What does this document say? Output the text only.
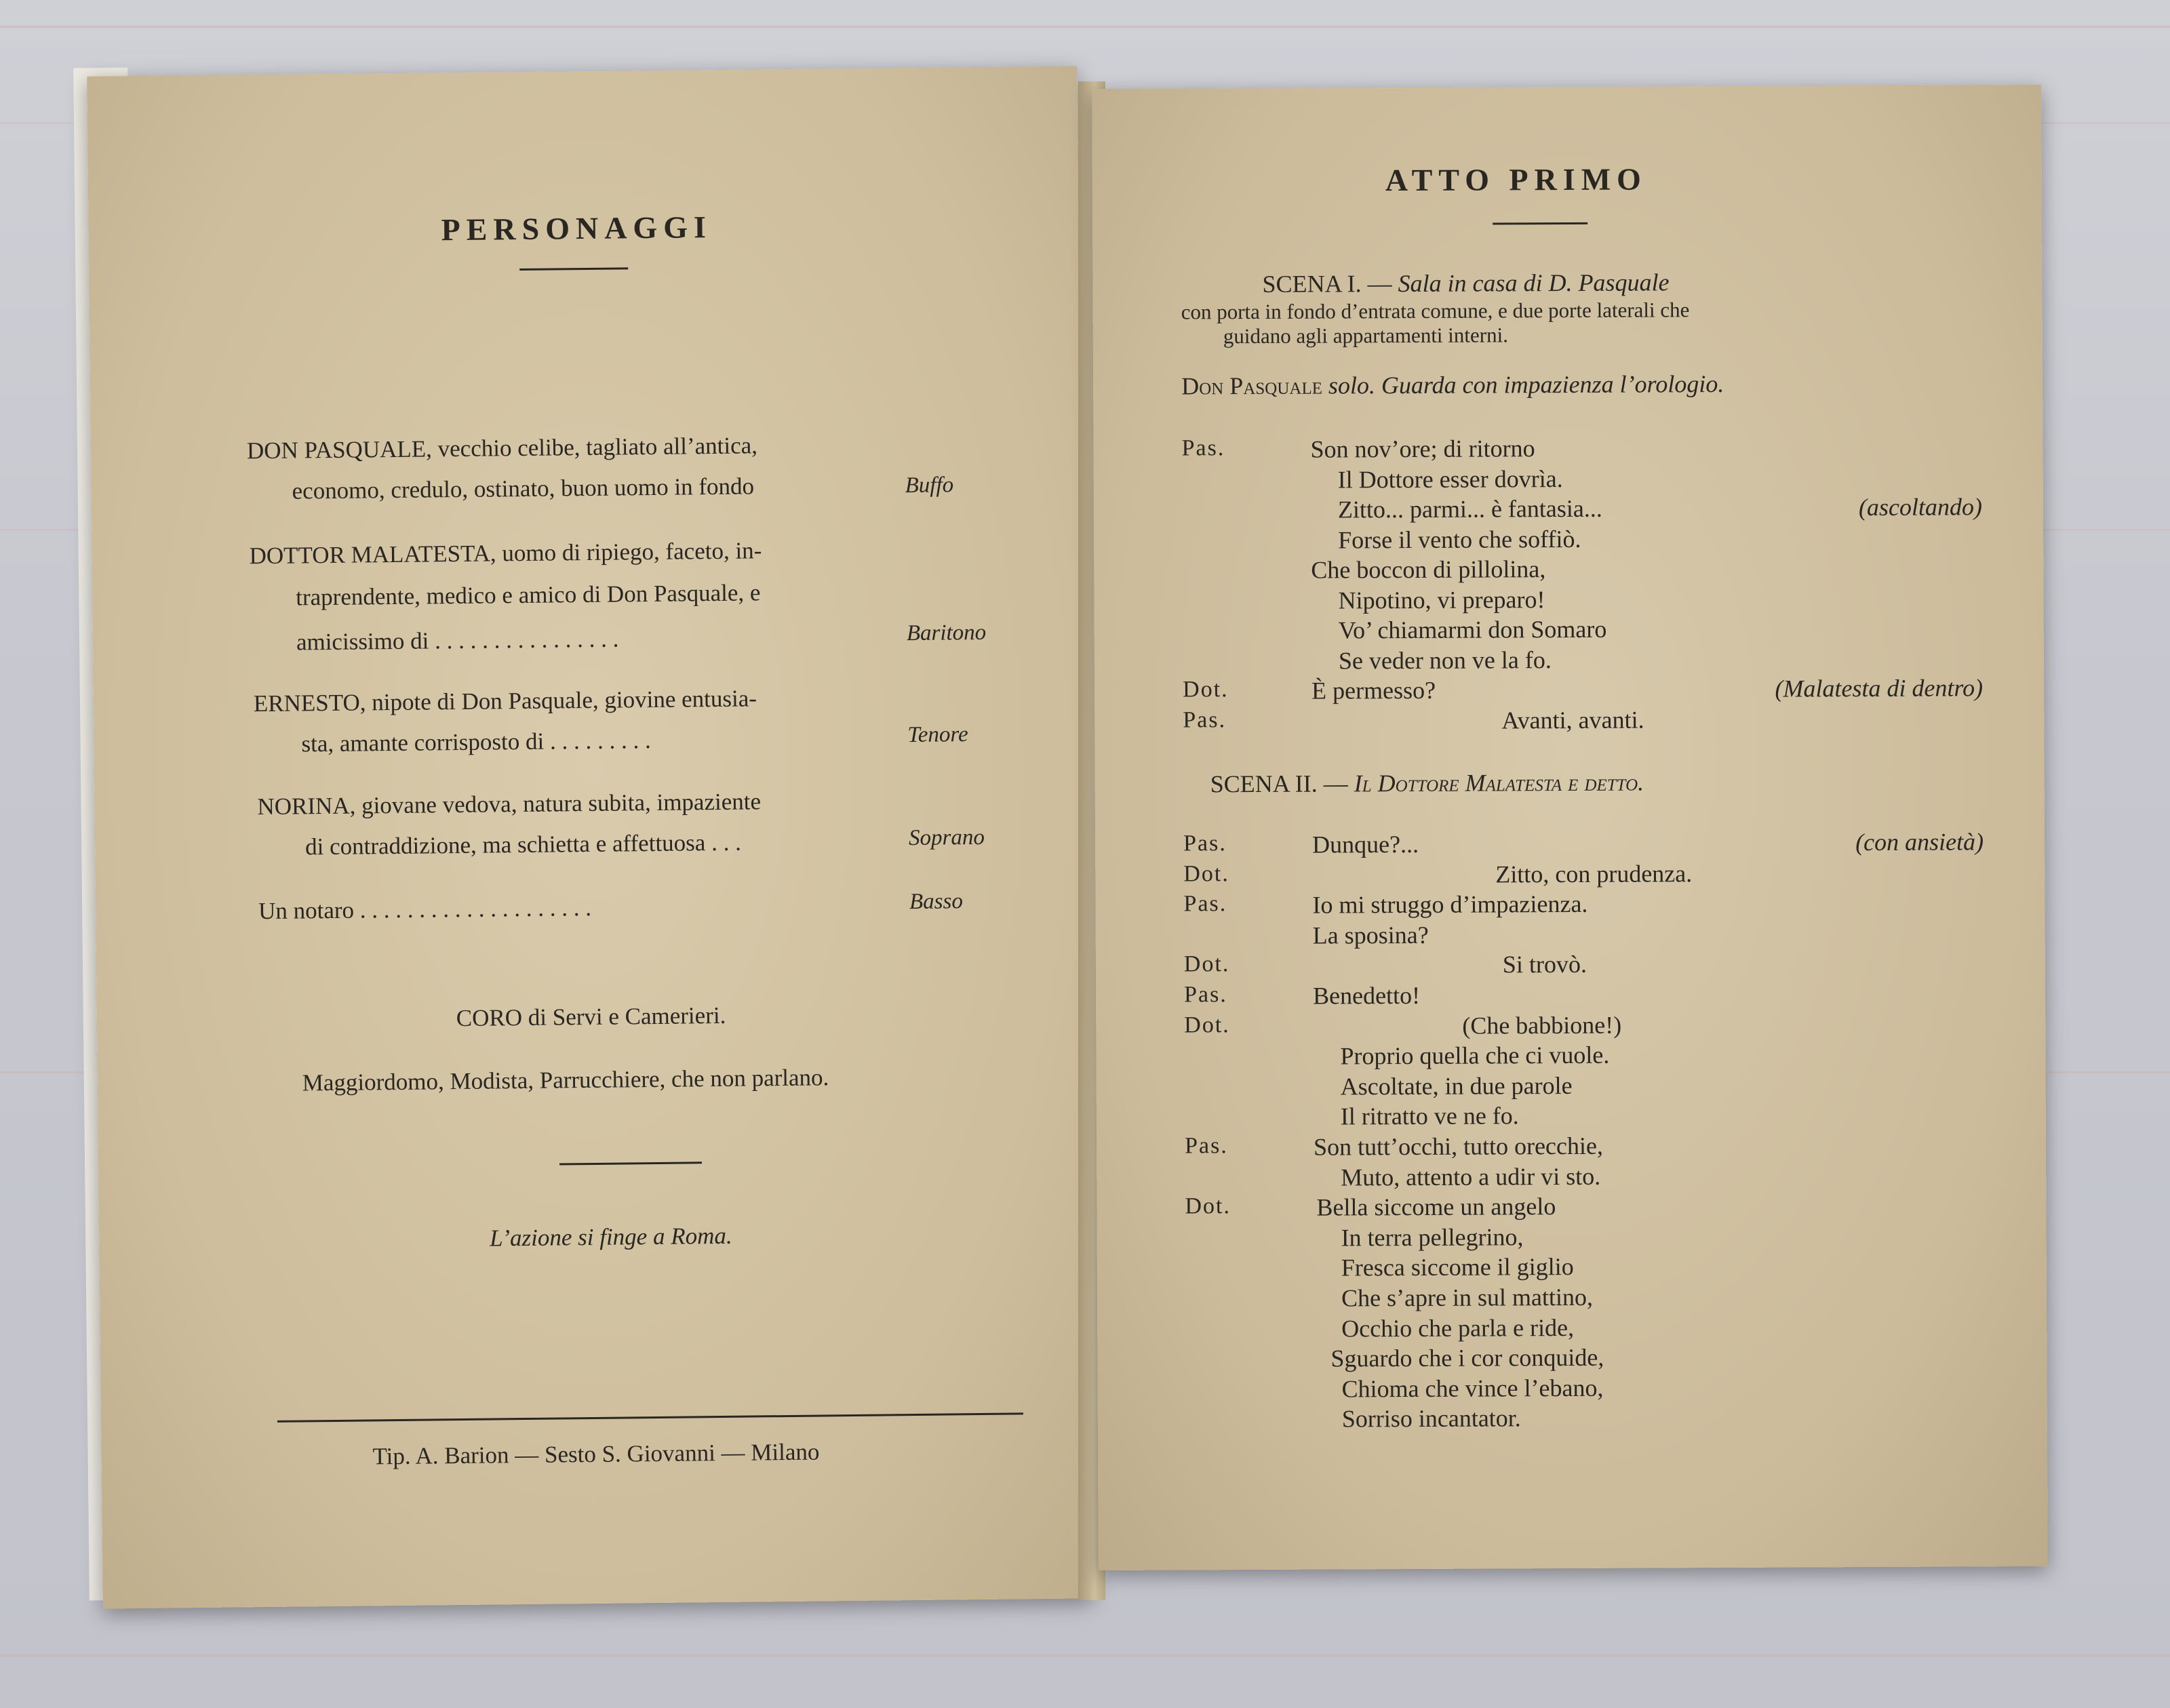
PERSONAGGI
DON PASQUALE, vecchio celibe, tagliato all’antica,
economo, credulo, ostinato, buon uomo in fondo	Buffo
DOTTOR MALATESTA, uomo di ripiego, faceto, in-
traprendente, medico e amico di Don Pasquale, e
amicissimo di . . . . . . . . . . . . . . . .	Baritono
ERNESTO, nipote di Don Pasquale, giovine entusia-
sta, amante corrisposto di . . . . . . . . .	Tenore
NORINA, giovane vedova, natura subita, impaziente
di contraddizione, ma schietta e affettuosa . . .	Soprano
Un notaro . . . . . . . . . . . . . . . . . . . .	Basso
CORO di Servi e Camerieri.
Maggiordomo, Modista, Parrucchiere, che non parlano.
L’azione si finge a Roma.
Tip. A. Barion — Sesto S. Giovanni — Milano
ATTO PRIMO
SCENA I. — Sala in casa di D. Pasquale
con porta in fondo d’entrata comune, e due porte laterali che
guidano agli appartamenti interni.
Don Pasquale solo. Guarda con impazienza l’orologio.
Pas.	Son nov’ore; di ritorno
Il Dottore esser dovrìa.
Zitto... parmi... è fantasia...	(ascoltando)
Forse il vento che soffiò.
Che boccon di pillolina,
Nipotino, vi preparo!
Vo’ chiamarmi don Somaro
Se veder non ve la fo.
Dot.	È permesso?	(Malatesta di dentro)
Pas.	Avanti, avanti.
SCENA II. — Il Dottore Malatesta e detto.
Pas.	Dunque?...	(con ansietà)
Dot.	Zitto, con prudenza.
Pas.	Io mi struggo d’impazienza.
La sposina?
Dot.	Si trovò.
Pas.	Benedetto!
Dot.	(Che babbione!)
Proprio quella che ci vuole.
Ascoltate, in due parole
Il ritratto ve ne fo.
Pas.	Son tutt’occhi, tutto orecchie,
Muto, attento a udir vi sto.
Dot.	Bella siccome un angelo
In terra pellegrino,
Fresca siccome il giglio
Che s’apre in sul mattino,
Occhio che parla e ride,
Sguardo che i cor conquide,
Chioma che vince l’ebano,
Sorriso incantator.
